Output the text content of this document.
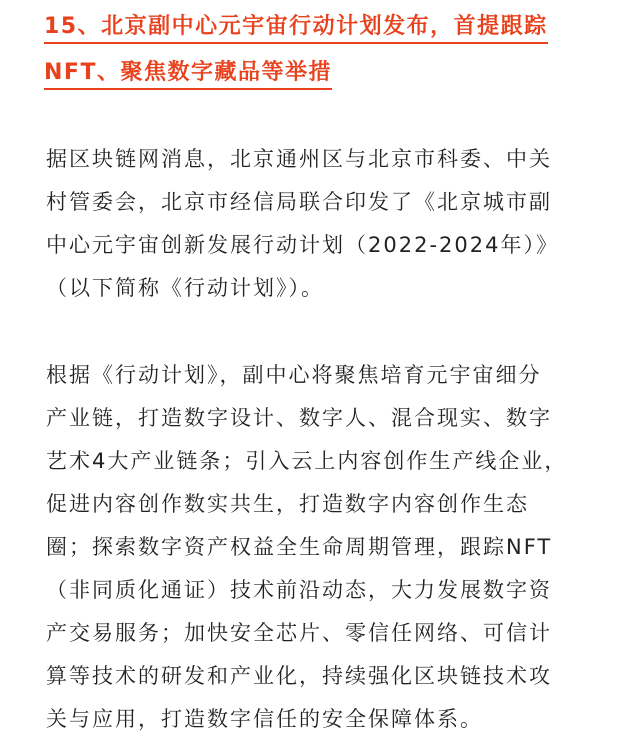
15、北京副中心元宇宙行动计划发布，首提跟踪
NFT、聚焦数字藏品等举措

据区块链网消息，北京通州区与北京市科委、中关
村管委会，北京市经信局联合印发了《北京城市副
中心元宇宙创新发展行动计划（2022-2024年）》
（以下简称《行动计划》）。

根据《行动计划》，副中心将聚焦培育元宇宙细分
产业链，打造数字设计、数字人、混合现实、数字
艺术4大产业链条；引入云上内容创作生产线企业，
促进内容创作数实共生，打造数字内容创作生态
圈；探索数字资产权益全生命周期管理，跟踪NFT
（非同质化通证）技术前沿动态，大力发展数字资
产交易服务；加快安全芯片、零信任网络、可信计
算等技术的研发和产业化，持续强化区块链技术攻
关与应用，打造数字信任的安全保障体系。
